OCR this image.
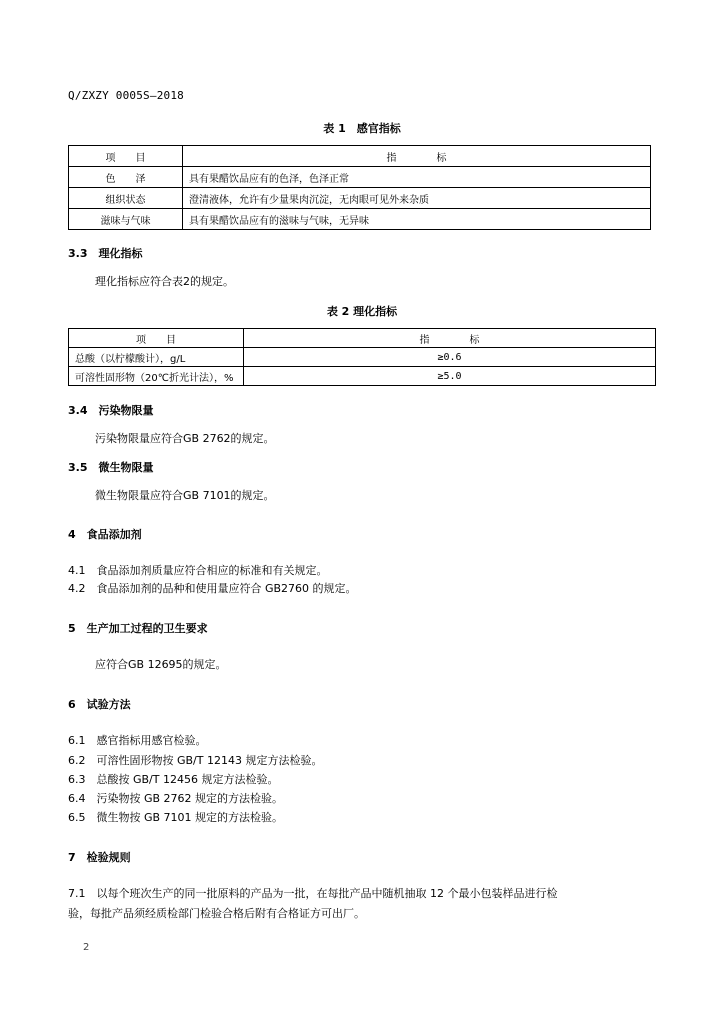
Q/ZXZY 0005S—2018
表 1　感官指标
项　　目	指　　　　标
色　　泽	具有果醋饮品应有的色泽，色泽正常
组织状态	澄清液体，允许有少量果肉沉淀，无肉眼可见外来杂质
滋味与气味	具有果醋饮品应有的滋味与气味，无异味
3.3　理化指标
理化指标应符合表2的规定。
表 2 理化指标
项　　目	指　　　　标
总酸（以柠檬酸计），g/L	≥0.6
可溶性固形物（20℃折光计法），%	≥5.0
3.4　污染物限量
污染物限量应符合GB 2762的规定。
3.5　微生物限量
微生物限量应符合GB 7101的规定。
4　食品添加剂
4.1　食品添加剂质量应符合相应的标准和有关规定。
4.2　食品添加剂的品种和使用量应符合 GB2760 的规定。
5　生产加工过程的卫生要求
应符合GB 12695的规定。
6　试验方法
6.1　感官指标用感官检验。
6.2　可溶性固形物按 GB/T 12143 规定方法检验。
6.3　总酸按 GB/T 12456 规定方法检验。
6.4　污染物按 GB 2762 规定的方法检验。
6.5　微生物按 GB 7101 规定的方法检验。
7　检验规则
7.1　以每个班次生产的同一批原料的产品为一批，在每批产品中随机抽取 12 个最小包装样品进行检
验，每批产品须经质检部门检验合格后附有合格证方可出厂。
2
